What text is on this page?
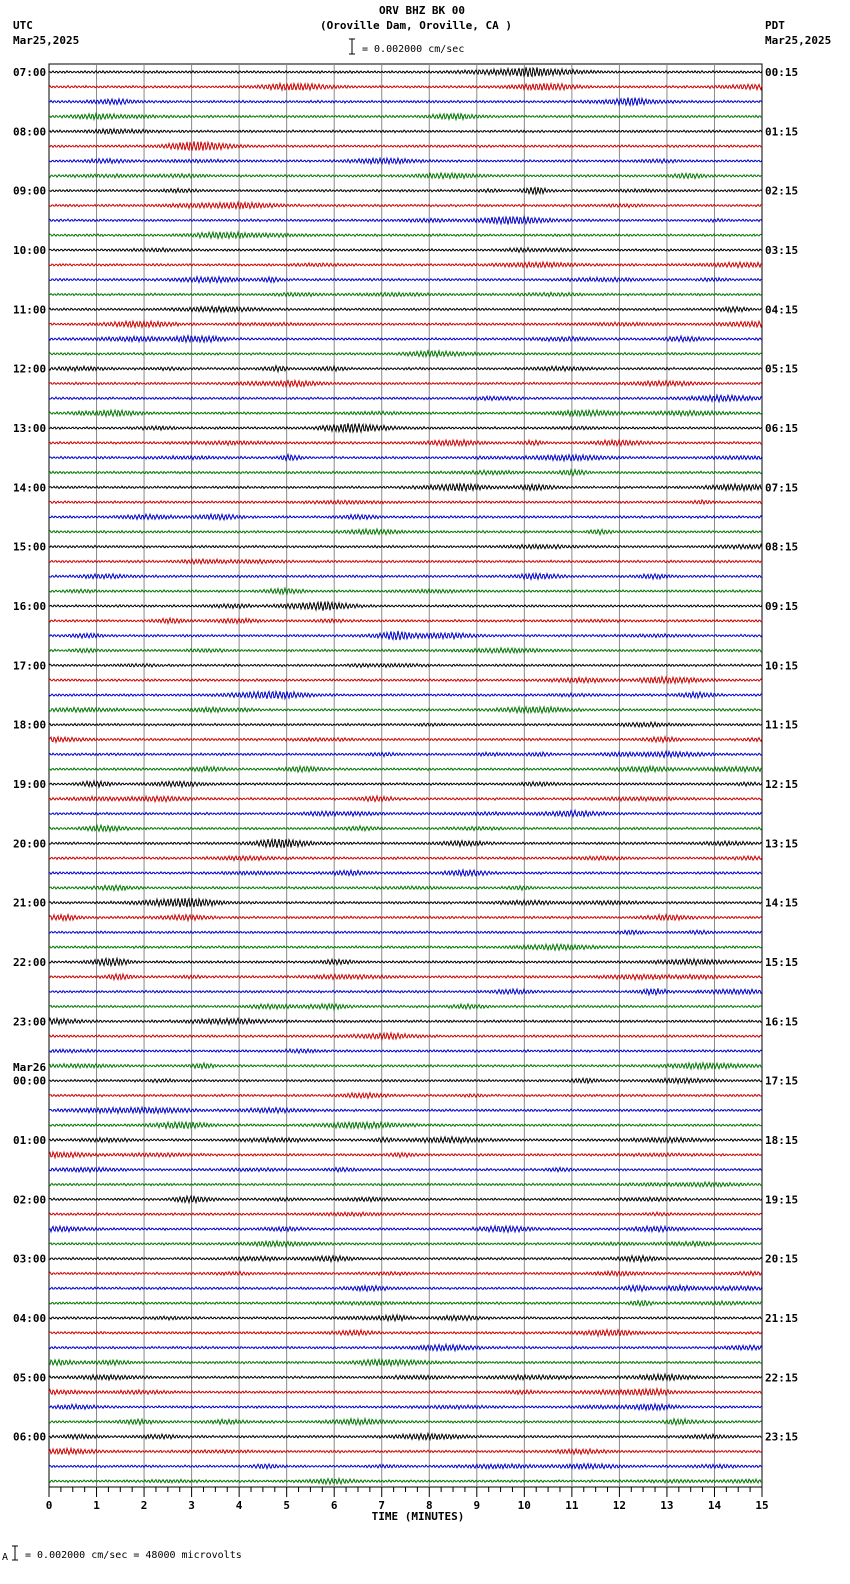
ORV BHZ BK 00
(Oroville Dam, Oroville, CA )
= 0.002000 cm/sec
UTC
Mar25,2025
PDT
Mar25,2025
07:00
08:00
09:00
10:00
11:00
12:00
13:00
14:00
15:00
16:00
17:00
18:00
19:00
20:00
21:00
22:00
23:00
00:00
01:00
02:00
03:00
04:00
05:00
06:00
00:15
01:15
02:15
03:15
04:15
05:15
06:15
07:15
08:15
09:15
10:15
11:15
12:15
13:15
14:15
15:15
16:15
17:15
18:15
19:15
20:15
21:15
22:15
23:15
0	1	2	3	4	5	6	7	8	9	10	11	12	13	14	15
TIME (MINUTES)
Mar26
A = 0.002000 cm/sec = 48000 microvolts
